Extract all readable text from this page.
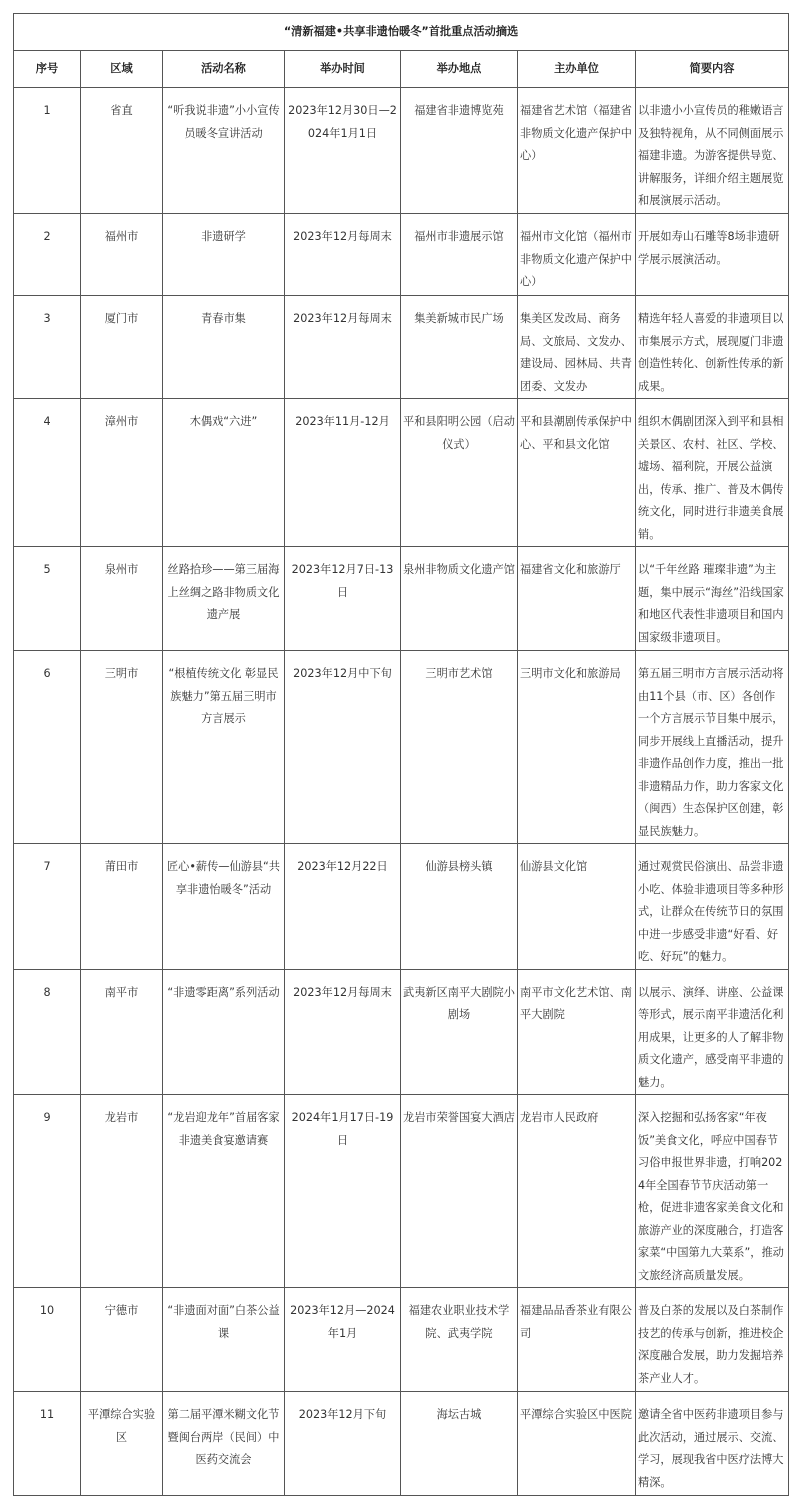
“清新福建•共享非遗怡暖冬”首批重点活动摘选						
序号	区域	活动名称	举办时间	举办地点	主办单位	简要内容
1	省直	“听我说非遗”小小宣传员暖冬宣讲活动	2023年12月30日—2024年1月1日	福建省非遗博览苑	福建省艺术馆（福建省非物质文化遗产保护中心）	以非遗小小宣传员的稚嫩语言及独特视角，从不同侧面展示福建非遗。为游客提供导览、讲解服务，详细介绍主题展览和展演展示活动。
2	福州市	非遗研学	2023年12月每周末	福州市非遗展示馆	福州市文化馆（福州市非物质文化遗产保护中心）	开展如寿山石雕等8场非遗研学展示展演活动。
3	厦门市	青春市集	2023年12月每周末	集美新城市民广场	集美区发改局、商务局、文旅局、文发办、建设局、园林局、共青团委、文发办	精选年轻人喜爱的非遗项目以市集展示方式，展现厦门非遗创造性转化、创新性传承的新成果。
4	漳州市	木偶戏“六进”	2023年11月-12月	平和县阳明公园（启动仪式）	平和县潮剧传承保护中心、平和县文化馆	组织木偶剧团深入到平和县相关景区、农村、社区、学校、墟场、福利院，开展公益演出，传承、推广、普及木偶传统文化，同时进行非遗美食展销。
5	泉州市	丝路拾珍——第三届海上丝绸之路非物质文化遗产展	2023年12月7日-13日	泉州非物质文化遗产馆	福建省文化和旅游厅	以“千年丝路 璀璨非遗”为主题，集中展示“海丝”沿线国家和地区代表性非遗项目和国内国家级非遗项目。
6	三明市	“根植传统文化 彰显民族魅力”第五届三明市方言展示	2023年12月中下旬	三明市艺术馆	三明市文化和旅游局	第五届三明市方言展示活动将由11个县（市、区）各创作一个方言展示节目集中展示，同步开展线上直播活动，提升非遗作品创作力度，推出一批非遗精品力作，助力客家文化（闽西）生态保护区创建，彰显民族魅力。
7	莆田市	匠心•薪传—仙游县“共享非遗怡暖冬”活动	2023年12月22日	仙游县榜头镇	仙游县文化馆	通过观赏民俗演出、品尝非遗小吃、体验非遗项目等多种形式，让群众在传统节日的氛围中进一步感受非遗“好看、好吃、好玩”的魅力。
8	南平市	“非遗零距离”系列活动	2023年12月每周末	武夷新区南平大剧院小剧场	南平市文化艺术馆、南平大剧院	以展示、演绎、讲座、公益课等形式，展示南平非遗活化利用成果，让更多的人了解非物质文化遗产，感受南平非遗的魅力。
9	龙岩市	“龙岩迎龙年”首届客家非遗美食宴邀请赛	2024年1月17日-19日	龙岩市荣誉国宴大酒店	龙岩市人民政府	深入挖掘和弘扬客家“年夜饭”美食文化，呼应中国春节习俗申报世界非遗，打响2024年全国春节节庆活动第一枪，促进非遗客家美食文化和旅游产业的深度融合，打造客家菜“中国第九大菜系”，推动文旅经济高质量发展。
10	宁德市	“非遗面对面”白茶公益课	2023年12月—2024年1月	福建农业职业技术学院、武夷学院	福建品品香茶业有限公司	普及白茶的发展以及白茶制作技艺的传承与创新，推进校企深度融合发展，助力发掘培养茶产业人才。
11	平潭综合实验区	第二届平潭米糊文化节暨闽台两岸（民间）中医药交流会	2023年12月下旬	海坛古城	平潭综合实验区中医院	邀请全省中医药非遗项目参与此次活动，通过展示、交流、学习，展现我省中医疗法博大精深。
